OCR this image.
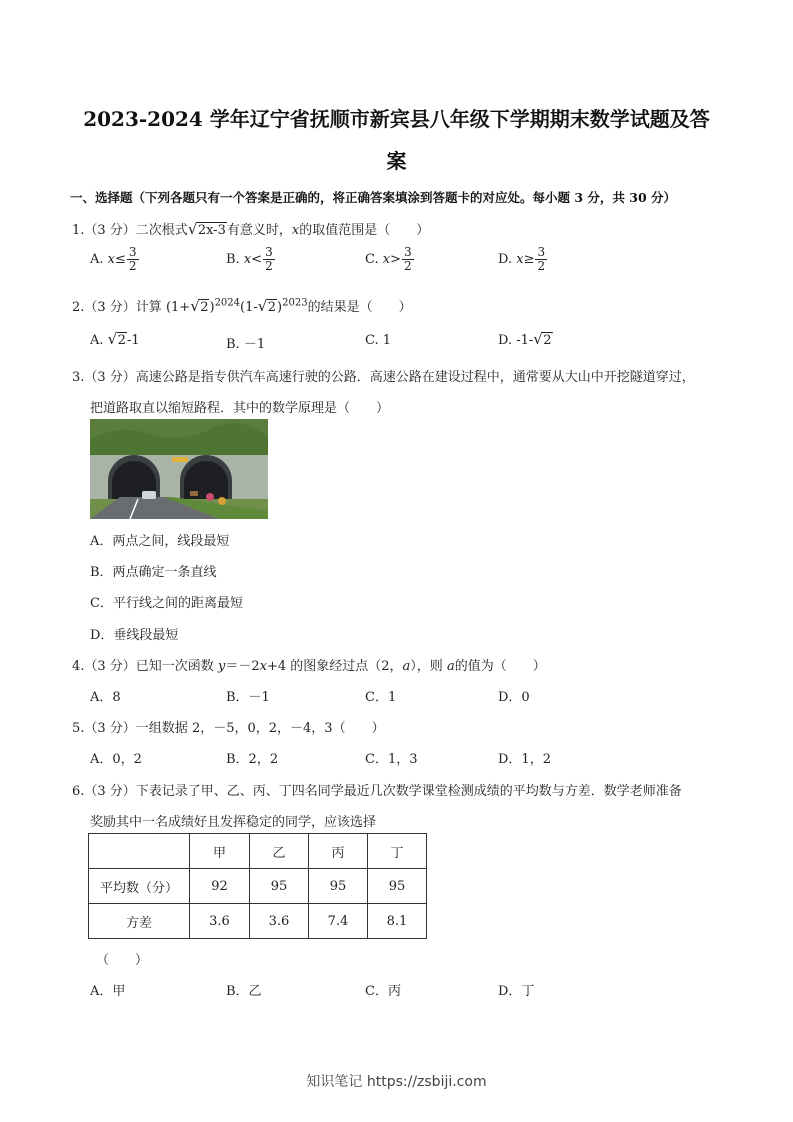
2023-2024 学年辽宁省抚顺市新宾县八年级下学期期末数学试题及答
案
一、选择题（下列各题只有一个答案是正确的，将正确答案填涂到答题卡的对应处。每小题 3 分，共 30 分）
1.（3 分）二次根式 √ 2x-3有意义时，x的取值范围是（　　）
A. $x\le \frac{3}{2}$	B. $x< \frac{3}{2}$	C. $x> \frac{3}{2}$	D. $x\ge \frac{3}{2}$
2.（3 分）计算 (1+ √ 2)$^{2024}$(1- √ 2)$^{2023}$的结果是（　　）
A. √ 2-1	B. －1	C. 1	D. -1- √ 2
3.（3 分）高速公路是指专供汽车高速行驶的公路．高速公路在建设过程中，通常要从大山中开挖隧道穿过，
把道路取直以缩短路程．其中的数学原理是（　　）
A．两点之间，线段最短
B．两点确定一条直线
C．平行线之间的距离最短
D．垂线段最短
4.（3 分）已知一次函数 y＝－2x+4 的图象经过点（2，a），则 a的值为（　　）
A．8	B．－1	C．1	D．0
5.（3 分）一组数据 2，－5，0，2，－4，3（　　）
A．0，2	B．2，2	C．1，3	D．1，2
6.（3 分）下表记录了甲、乙、丙、丁四名同学最近几次数学课堂检测成绩的平均数与方差．数学老师准备
奖励其中一名成绩好且发挥稳定的同学，应该选择
	甲	乙	丙	丁
平均数（分）	92	95	95	95
方差	3.6	3.6	7.4	8.1
（　　）
A．甲	B．乙	C．丙	D．丁
知识笔记 https://zsbiji.com
